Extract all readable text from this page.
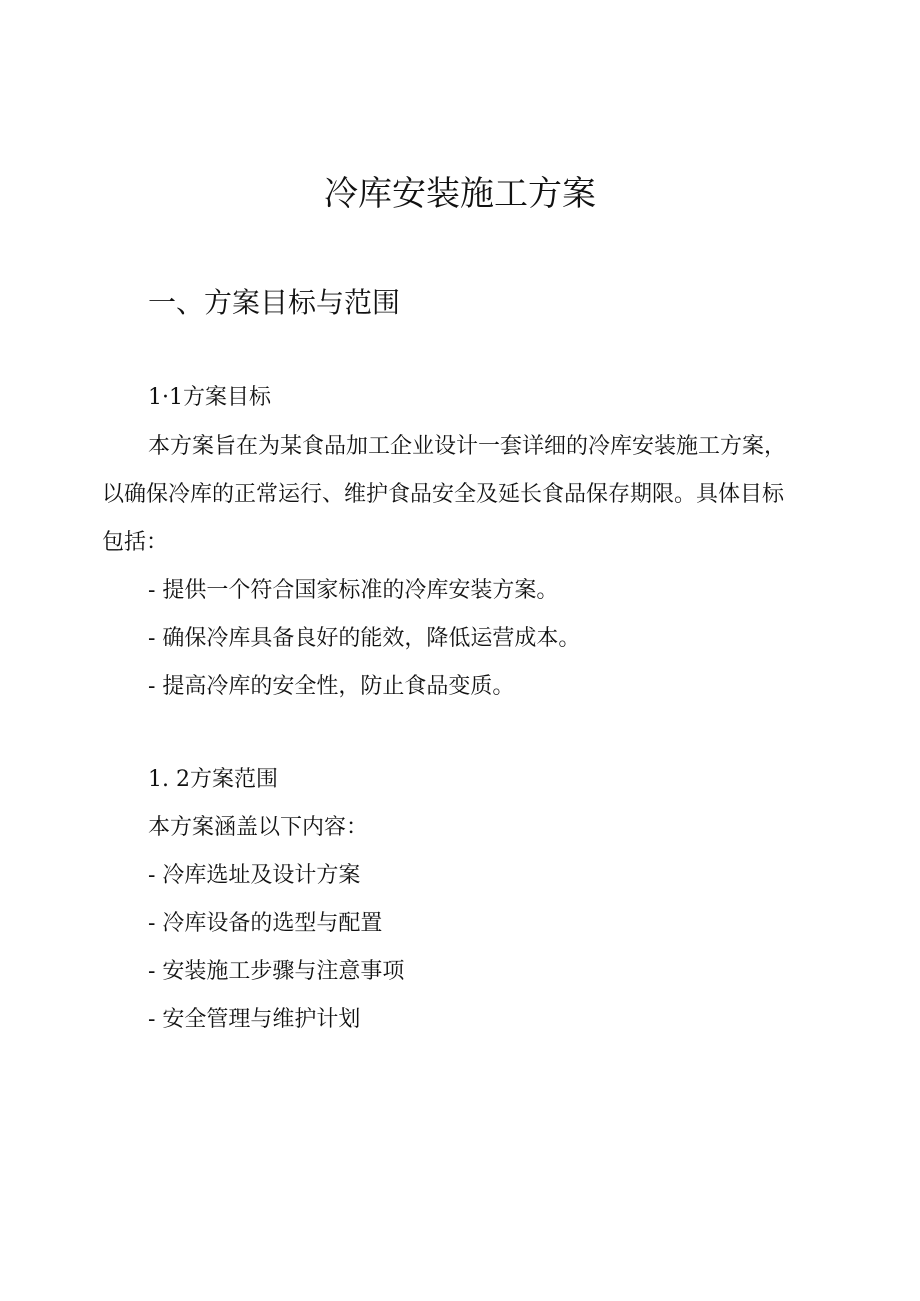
冷库安装施工方案
一、方案目标与范围
1·1方案目标

本方案旨在为某食品加工企业设计一套详细的冷库安装施工方案，以确保冷库的正常运行、维护食品安全及延长食品保存期限。具体目标包括：

- 提供一个符合国家标准的冷库安装方案。
- 确保冷库具备良好的能效，降低运营成本。
- 提高冷库的安全性，防止食品变质。
1. 2方案范围
本方案涵盖以下内容：
- 冷库选址及设计方案
- 冷库设备的选型与配置
- 安装施工步骤与注意事项
- 安全管理与维护计划
